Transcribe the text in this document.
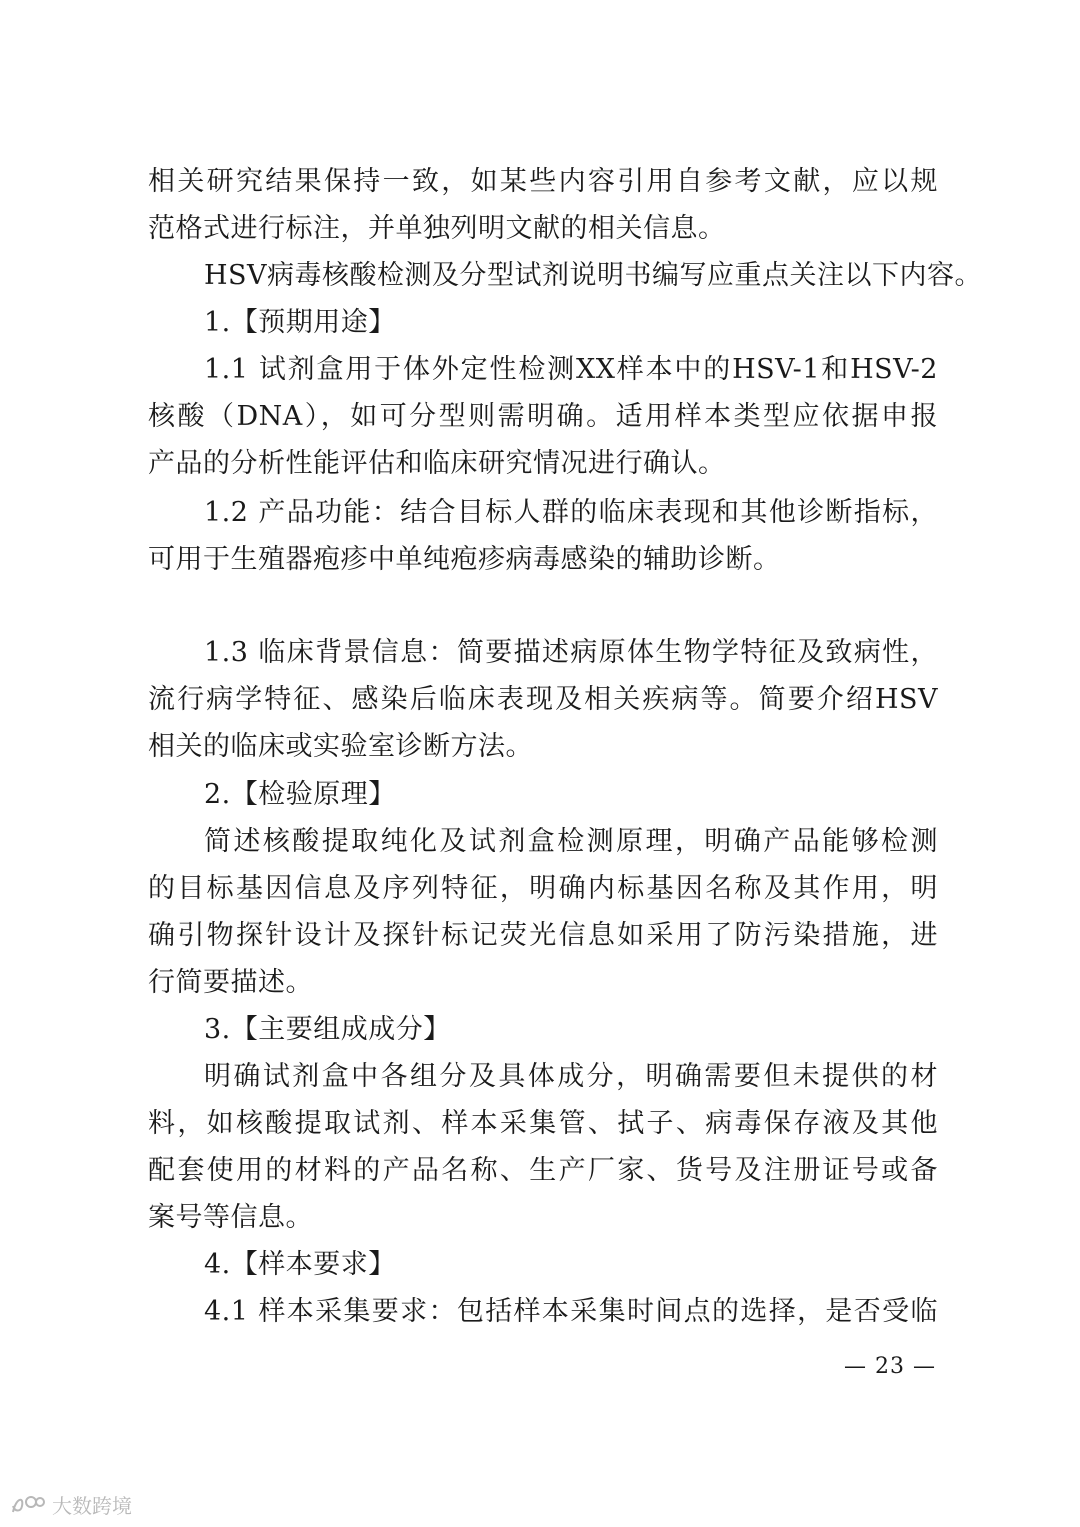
相关研究结果保持一致，如某些内容引用自参考文献，应以规
范格式进行标注，并单独列明文献的相关信息。
HSV病毒核酸检测及分型试剂说明书编写应重点关注以下内容。
1.【预期用途】
1.1 试剂盒用于体外定性检测XX样本中的HSV-1和HSV-2
核酸（DNA），如可分型则需明确。适用样本类型应依据申报
产品的分析性能评估和临床研究情况进行确认。
1.2 产品功能：结合目标人群的临床表现和其他诊断指标，
可用于生殖器疱疹中单纯疱疹病毒感染的辅助诊断。
1.3 临床背景信息：简要描述病原体生物学特征及致病性，
流行病学特征、感染后临床表现及相关疾病等。简要介绍HSV
相关的临床或实验室诊断方法。
2.【检验原理】
简述核酸提取纯化及试剂盒检测原理，明确产品能够检测
的目标基因信息及序列特征，明确内标基因名称及其作用，明
确引物探针设计及探针标记荧光信息如采用了防污染措施，进
行简要描述。
3.【主要组成成分】
明确试剂盒中各组分及具体成分，明确需要但未提供的材
料，如核酸提取试剂、样本采集管、拭子、病毒保存液及其他
配套使用的材料的产品名称、生产厂家、货号及注册证号或备
案号等信息。
4.【样本要求】
4.1 样本采集要求：包括样本采集时间点的选择，是否受临
— 23 —
大数跨境
